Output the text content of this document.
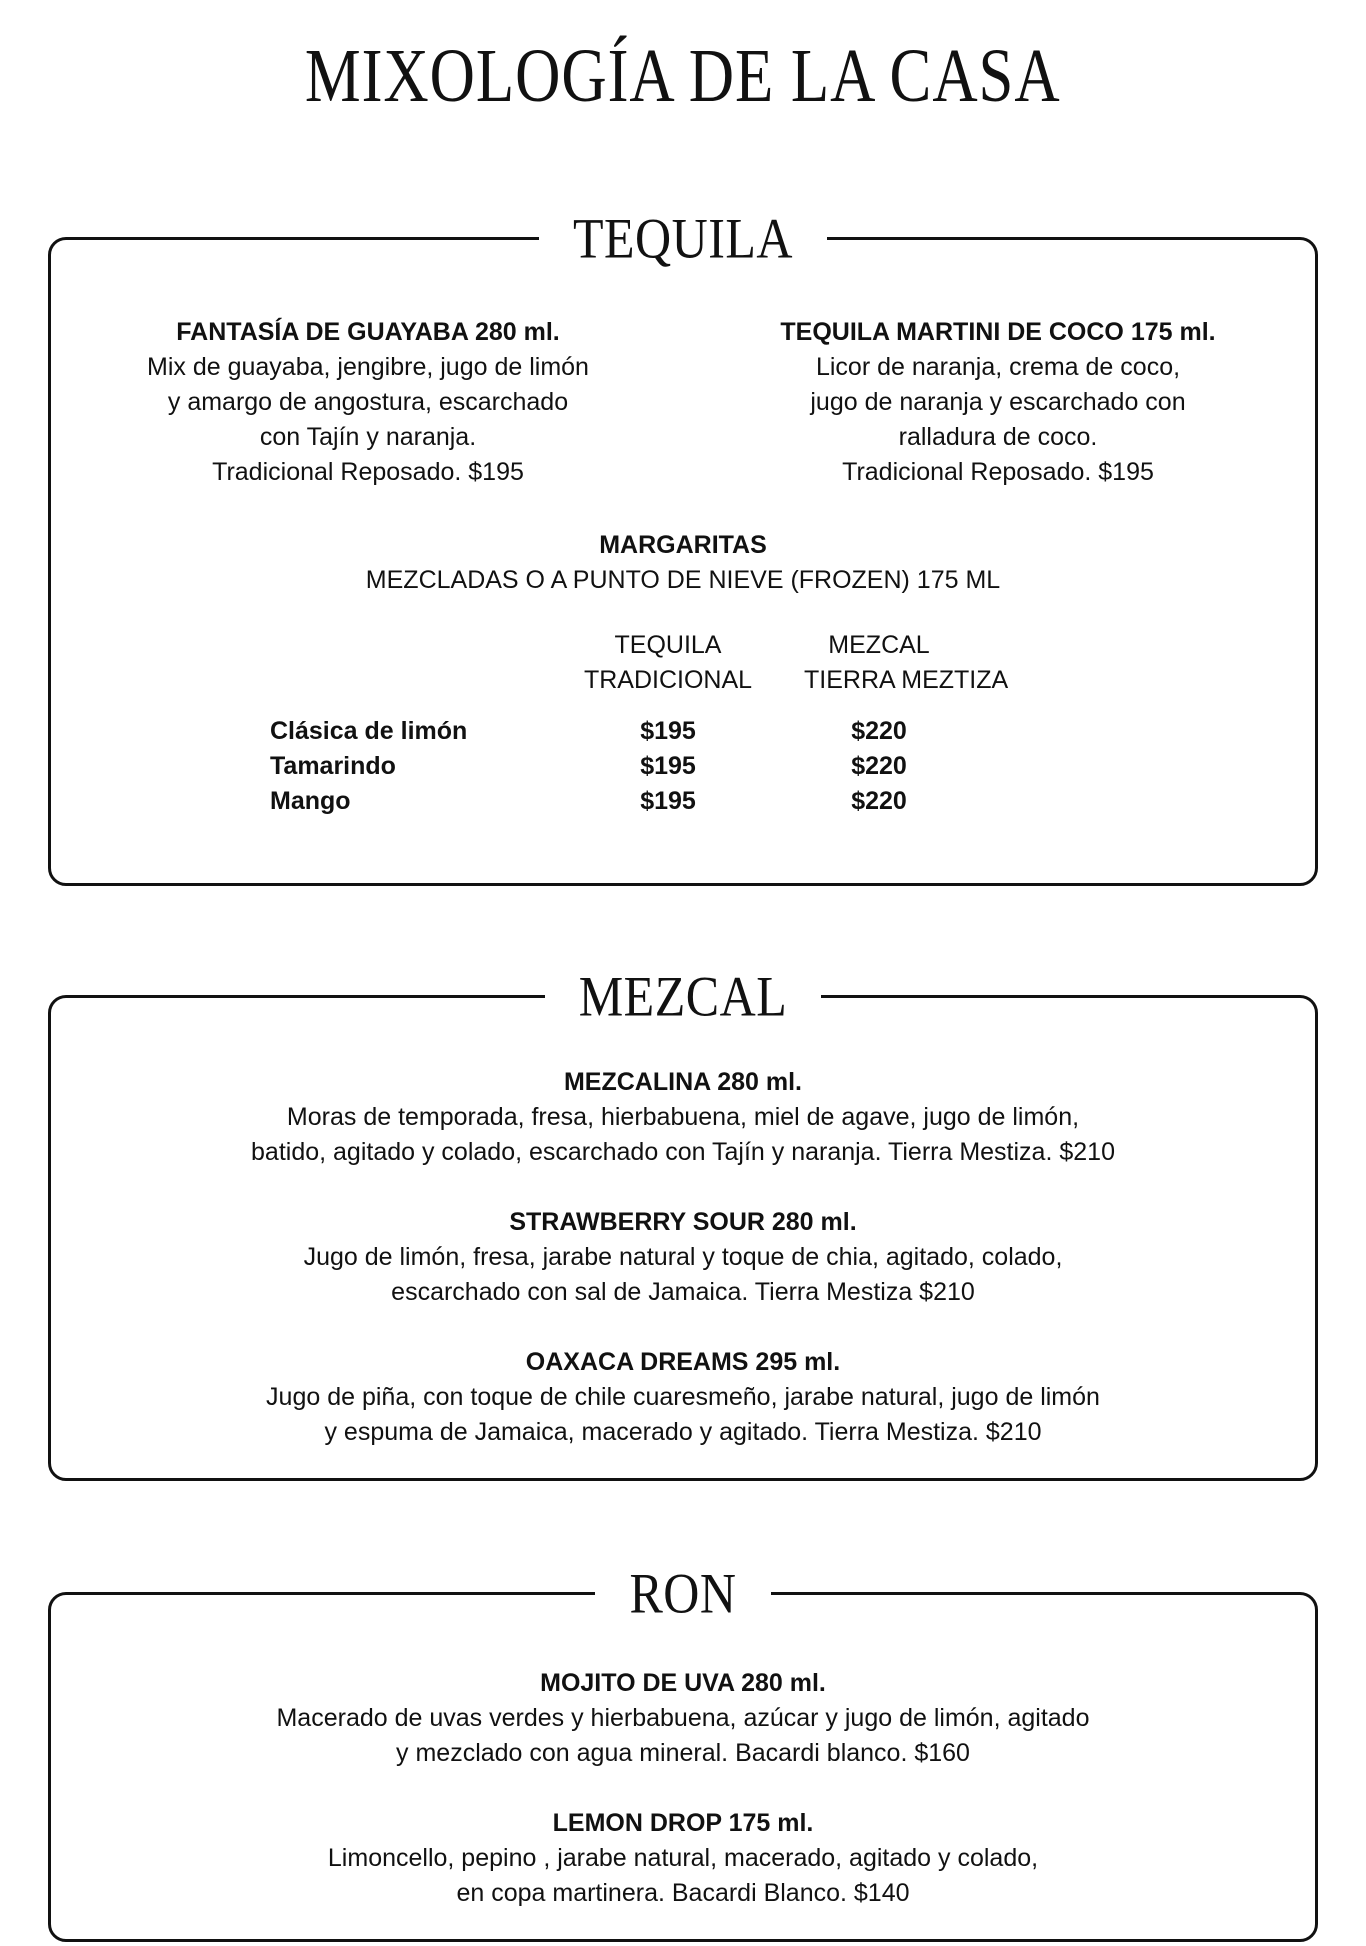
MIXOLOGÍA DE LA CASA
TEQUILA
FANTASÍA DE GUAYABA 280 ml.
Mix de guayaba, jengibre, jugo de limón
y amargo de angostura, escarchado
con Tajín y naranja.
Tradicional Reposado. $195
TEQUILA MARTINI DE COCO 175 ml.
Licor de naranja, crema de coco,
jugo de naranja y escarchado con
ralladura de coco.
Tradicional Reposado. $195
MARGARITAS
MEZCLADAS O A PUNTO DE NIEVE (FROZEN) 175 ML
TEQUILA
TRADICIONAL
MEZCAL
TIERRA MEZTIZA
Clásica de limón	$195	$220
Tamarindo	$195	$220
Mango	$195	$220
MEZCAL
MEZCALINA 280 ml.
Moras de temporada, fresa, hierbabuena, miel de agave, jugo de limón,
batido, agitado y colado, escarchado con Tajín y naranja. Tierra Mestiza. $210
STRAWBERRY SOUR 280 ml.
Jugo de limón, fresa, jarabe natural y toque de chia, agitado, colado,
escarchado con sal de Jamaica. Tierra Mestiza $210
OAXACA DREAMS 295 ml.
Jugo de piña, con toque de chile cuaresmeño, jarabe natural, jugo de limón
y espuma de Jamaica, macerado y agitado. Tierra Mestiza. $210
RON
MOJITO DE UVA 280 ml.
Macerado de uvas verdes y hierbabuena, azúcar y jugo de limón, agitado
y mezclado con agua mineral. Bacardi blanco. $160
LEMON DROP 175 ml.
Limoncello, pepino , jarabe natural, macerado, agitado y colado,
en copa martinera. Bacardi Blanco. $140
